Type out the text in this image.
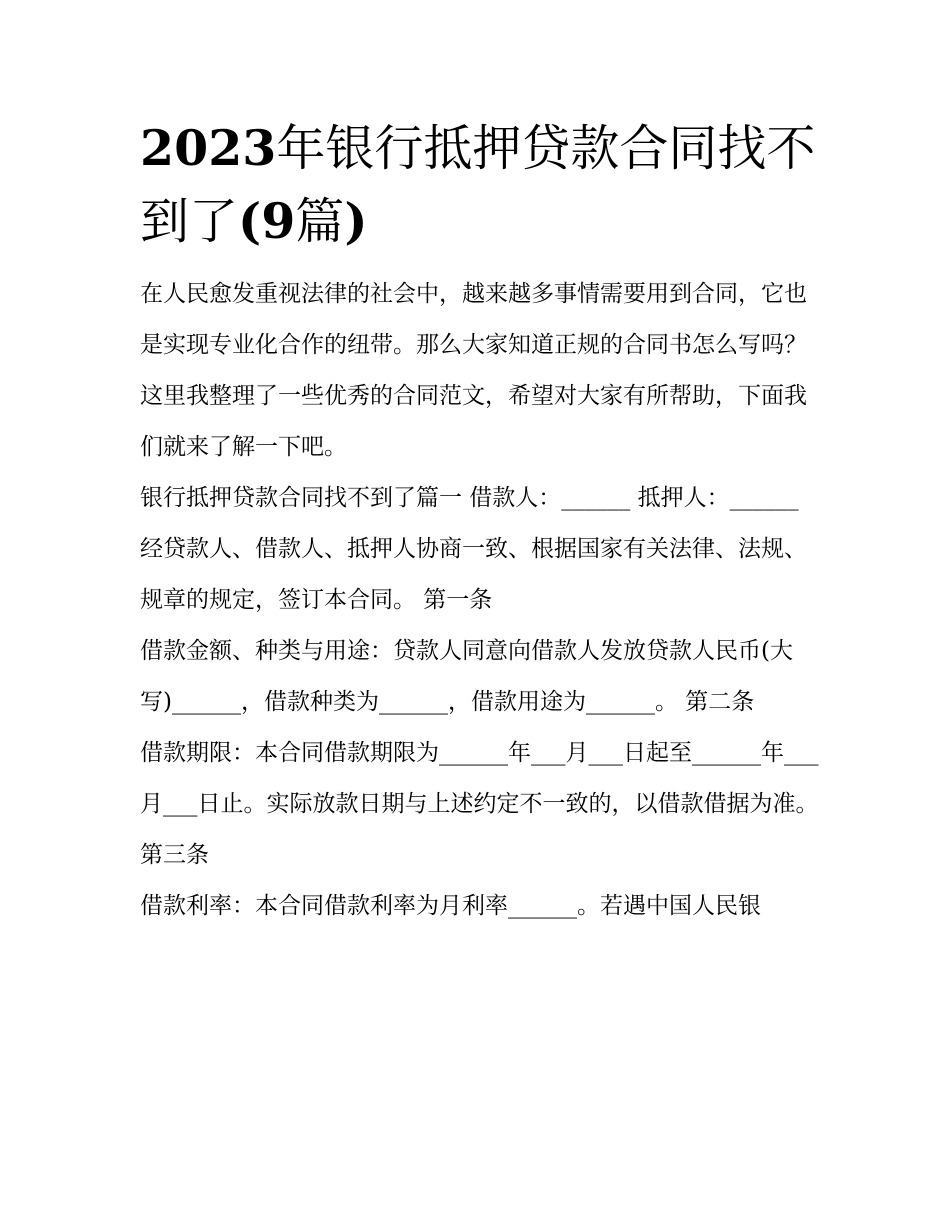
2023年银行抵押贷款合同找不
到了(9篇)

在人民愈发重视法律的社会中，越来越多事情需要用到合同，它也是实现专业化合作的纽带。那么大家知道正规的合同书怎么写吗？这里我整理了一些优秀的合同范文，希望对大家有所帮助，下面我们就来了解一下吧。

银行抵押贷款合同找不到了篇一 借款人：______ 抵押人：______

经贷款人、借款人、抵押人协商一致、根据国家有关法律、法规、规章的规定，签订本合同。 第一条

借款金额、种类与用途：贷款人同意向借款人发放贷款人民币(大写)______，借款种类为______，借款用途为______。 第二条

借款期限：本合同借款期限为______年___月___日起至______年___月___日止。实际放款日期与上述约定不一致的，以借款借据为准。

第三条

借款利率：本合同借款利率为月利率______。若遇中国人民银
